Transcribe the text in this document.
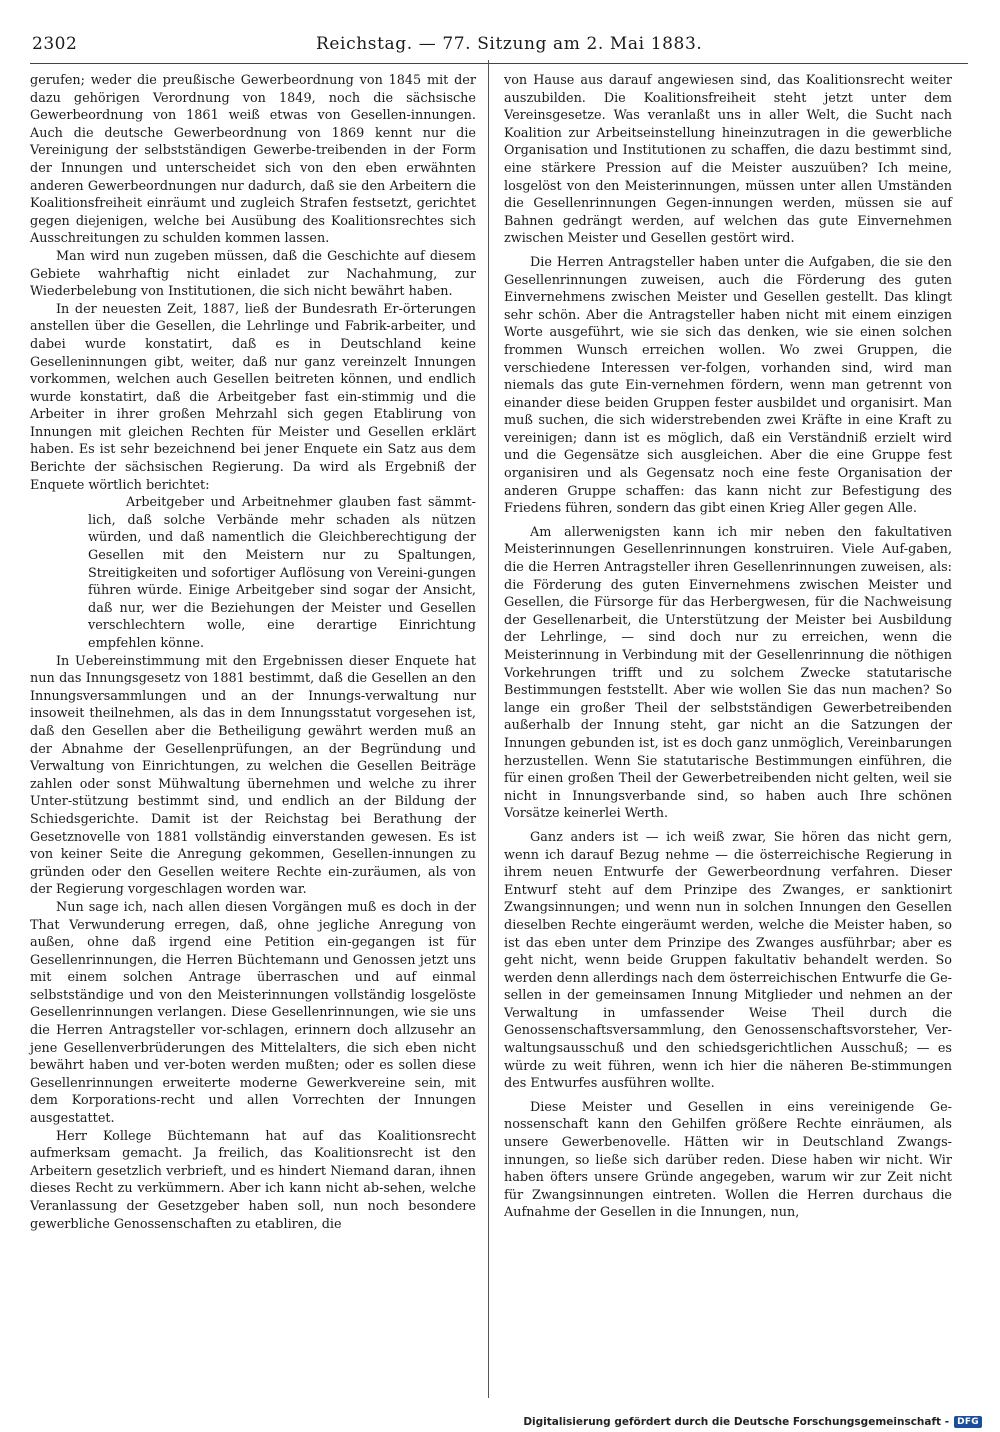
2302	Reichstag. — 77. Sitzung am 2. Mai 1883.

gerufen; weder die preußische Gewerbeordnung von 1845 mit der dazu gehörigen Verordnung von 1849, noch die sächsische Gewerbeordnung von 1861 weiß etwas von Gesellen-innungen. Auch die deutsche Gewerbeordnung von 1869 kennt nur die Vereinigung der selbstständigen Gewerbe-treibenden in der Form der Innungen und unterscheidet sich von den eben erwähnten anderen Gewerbeordnungen nur dadurch, daß sie den Arbeitern die Koalitionsfreiheit einräumt und zugleich Strafen festsetzt, gerichtet gegen diejenigen, welche bei Ausübung des Koalitionsrechtes sich Ausschreitungen zu schulden kommen lassen.

Man wird nun zugeben müssen, daß die Geschichte auf diesem Gebiete wahrhaftig nicht einladet zur Nachahmung, zur Wiederbelebung von Institutionen, die sich nicht bewährt haben.

In der neuesten Zeit, 1887, ließ der Bundesrath Er-örterungen anstellen über die Gesellen, die Lehrlinge und Fabrik-arbeiter, und dabei wurde konstatirt, daß es in Deutschland keine Geselleninnungen gibt, weiter, daß nur ganz vereinzelt Innungen vorkommen, welchen auch Gesellen beitreten können, und endlich wurde konstatirt, daß die Arbeitgeber fast ein-stimmig und die Arbeiter in ihrer großen Mehrzahl sich gegen Etablirung von Innungen mit gleichen Rechten für Meister und Gesellen erklärt haben. Es ist sehr bezeichnend bei jener Enquete ein Satz aus dem Berichte der sächsischen Regierung. Da wird als Ergebniß der Enquete wörtlich berichtet:

Arbeitgeber und Arbeitnehmer glauben fast sämmt-lich, daß solche Verbände mehr schaden als nützen würden, und daß namentlich die Gleichberechtigung der Gesellen mit den Meistern nur zu Spaltungen, Streitigkeiten und sofortiger Auflösung von Vereini-gungen führen würde. Einige Arbeitgeber sind sogar der Ansicht, daß nur, wer die Beziehungen der Meister und Gesellen verschlechtern wolle, eine derartige Einrichtung empfehlen könne.

In Uebereinstimmung mit den Ergebnissen dieser Enquete hat nun das Innungsgesetz von 1881 bestimmt, daß die Gesellen an den Innungsversammlungen und an der Innungs-verwaltung nur insoweit theilnehmen, als das in dem Innungsstatut vorgesehen ist, daß den Gesellen aber die Betheiligung gewährt werden muß an der Abnahme der Gesellenprüfungen, an der Begründung und Verwaltung von Einrichtungen, zu welchen die Gesellen Beiträge zahlen oder sonst Mühwaltung übernehmen und welche zu ihrer Unter-stützung bestimmt sind, und endlich an der Bildung der Schiedsgerichte. Damit ist der Reichstag bei Berathung der Gesetznovelle von 1881 vollständig einverstanden gewesen. Es ist von keiner Seite die Anregung gekommen, Gesellen-innungen zu gründen oder den Gesellen weitere Rechte ein-zuräumen, als von der Regierung vorgeschlagen worden war.

Nun sage ich, nach allen diesen Vorgängen muß es doch in der That Verwunderung erregen, daß, ohne jegliche Anregung von außen, ohne daß irgend eine Petition ein-gegangen ist für Gesellenrinnungen, die Herren Büchtemann und Genossen jetzt uns mit einem solchen Antrage überraschen und auf einmal selbstständige und von den Meisterinnungen vollständig losgelöste Gesellenrinnungen verlangen. Diese Gesellenrinnungen, wie sie uns die Herren Antragsteller vor-schlagen, erinnern doch allzusehr an jene Gesellenverbrüderungen des Mittelalters, die sich eben nicht bewährt haben und ver-boten werden mußten; oder es sollen diese Gesellenrinnungen erweiterte moderne Gewerkvereine sein, mit dem Korporations-recht und allen Vorrechten der Innungen ausgestattet.

Herr Kollege Büchtemann hat auf das Koalitionsrecht aufmerksam gemacht. Ja freilich, das Koalitionsrecht ist den Arbeitern gesetzlich verbrieft, und es hindert Niemand daran, ihnen dieses Recht zu verkümmern. Aber ich kann nicht ab-sehen, welche Veranlassung der Gesetzgeber haben soll, nun noch besondere gewerbliche Genossenschaften zu etabliren, die

von Hause aus darauf angewiesen sind, das Koalitionsrecht weiter auszubilden. Die Koalitionsfreiheit steht jetzt unter dem Vereinsgesetze. Was veranlaßt uns in aller Welt, die Sucht nach Koalition zur Arbeitseinstellung hineinzutragen in die gewerbliche Organisation und Institutionen zu schaffen, die dazu bestimmt sind, eine stärkere Pression auf die Meister auszuüben? Ich meine, losgelöst von den Meisterinnungen, müssen unter allen Umständen die Gesellenrinnungen Gegen-innungen werden, müssen sie auf Bahnen gedrängt werden, auf welchen das gute Einvernehmen zwischen Meister und Gesellen gestört wird.

Die Herren Antragsteller haben unter die Aufgaben, die sie den Gesellenrinnungen zuweisen, auch die Förderung des guten Einvernehmens zwischen Meister und Gesellen gestellt. Das klingt sehr schön. Aber die Antragsteller haben nicht mit einem einzigen Worte ausgeführt, wie sie sich das denken, wie sie einen solchen frommen Wunsch erreichen wollen. Wo zwei Gruppen, die verschiedene Interessen ver-folgen, vorhanden sind, wird man niemals das gute Ein-vernehmen fördern, wenn man getrennt von einander diese beiden Gruppen fester ausbildet und organisirt. Man muß suchen, die sich widerstrebenden zwei Kräfte in eine Kraft zu vereinigen; dann ist es möglich, daß ein Verständniß erzielt wird und die Gegensätze sich ausgleichen. Aber die eine Gruppe fest organisiren und als Gegensatz noch eine feste Organisation der anderen Gruppe schaffen: das kann nicht zur Befestigung des Friedens führen, sondern das gibt einen Krieg Aller gegen Alle.

Am allerwenigsten kann ich mir neben den fakultativen Meisterinnungen Gesellenrinnungen konstruiren. Viele Auf-gaben, die die Herren Antragsteller ihren Gesellenrinnungen zuweisen, als: die Förderung des guten Einvernehmens zwischen Meister und Gesellen, die Fürsorge für das Herbergwesen, für die Nachweisung der Gesellenarbeit, die Unterstützung der Meister bei Ausbildung der Lehrlinge, — sind doch nur zu erreichen, wenn die Meisterinnung in Verbindung mit der Gesellenrinnung die nöthigen Vorkehrungen trifft und zu solchem Zwecke statutarische Bestimmungen feststellt. Aber wie wollen Sie das nun machen? So lange ein großer Theil der selbstständigen Gewerbetreibenden außerhalb der Innung steht, gar nicht an die Satzungen der Innungen gebunden ist, ist es doch ganz unmöglich, Vereinbarungen herzustellen. Wenn Sie statutarische Bestimmungen einführen, die für einen großen Theil der Gewerbetreibenden nicht gelten, weil sie nicht in Innungsverbande sind, so haben auch Ihre schönen Vorsätze keinerlei Werth.

Ganz anders ist — ich weiß zwar, Sie hören das nicht gern, wenn ich darauf Bezug nehme — die österreichische Regierung in ihrem neuen Entwurfe der Gewerbeordnung verfahren. Dieser Entwurf steht auf dem Prinzipe des Zwanges, er sanktionirt Zwangsinnungen; und wenn nun in solchen Innungen den Gesellen dieselben Rechte eingeräumt werden, welche die Meister haben, so ist das eben unter dem Prinzipe des Zwanges ausführbar; aber es geht nicht, wenn beide Gruppen fakultativ behandelt werden. So werden denn allerdings nach dem österreichischen Entwurfe die Ge-sellen in der gemeinsamen Innung Mitglieder und nehmen an der Verwaltung in umfassender Weise Theil durch die Genossenschaftsversammlung, den Genossenschaftsvorsteher, Ver-waltungsausschuß und den schiedsgerichtlichen Ausschuß; — es würde zu weit führen, wenn ich hier die näheren Be-stimmungen des Entwurfes ausführen wollte.

Diese Meister und Gesellen in eins vereinigende Ge-nossenschaft kann den Gehilfen größere Rechte einräumen, als unsere Gewerbenovelle. Hätten wir in Deutschland Zwangs-innungen, so ließe sich darüber reden. Diese haben wir nicht. Wir haben öfters unsere Gründe angegeben, warum wir zur Zeit nicht für Zwangsinnungen eintreten. Wollen die Herren durchaus die Aufnahme der Gesellen in die Innungen, nun,

Digitalisierung gefördert durch die Deutsche Forschungsgemeinschaft - DFG
